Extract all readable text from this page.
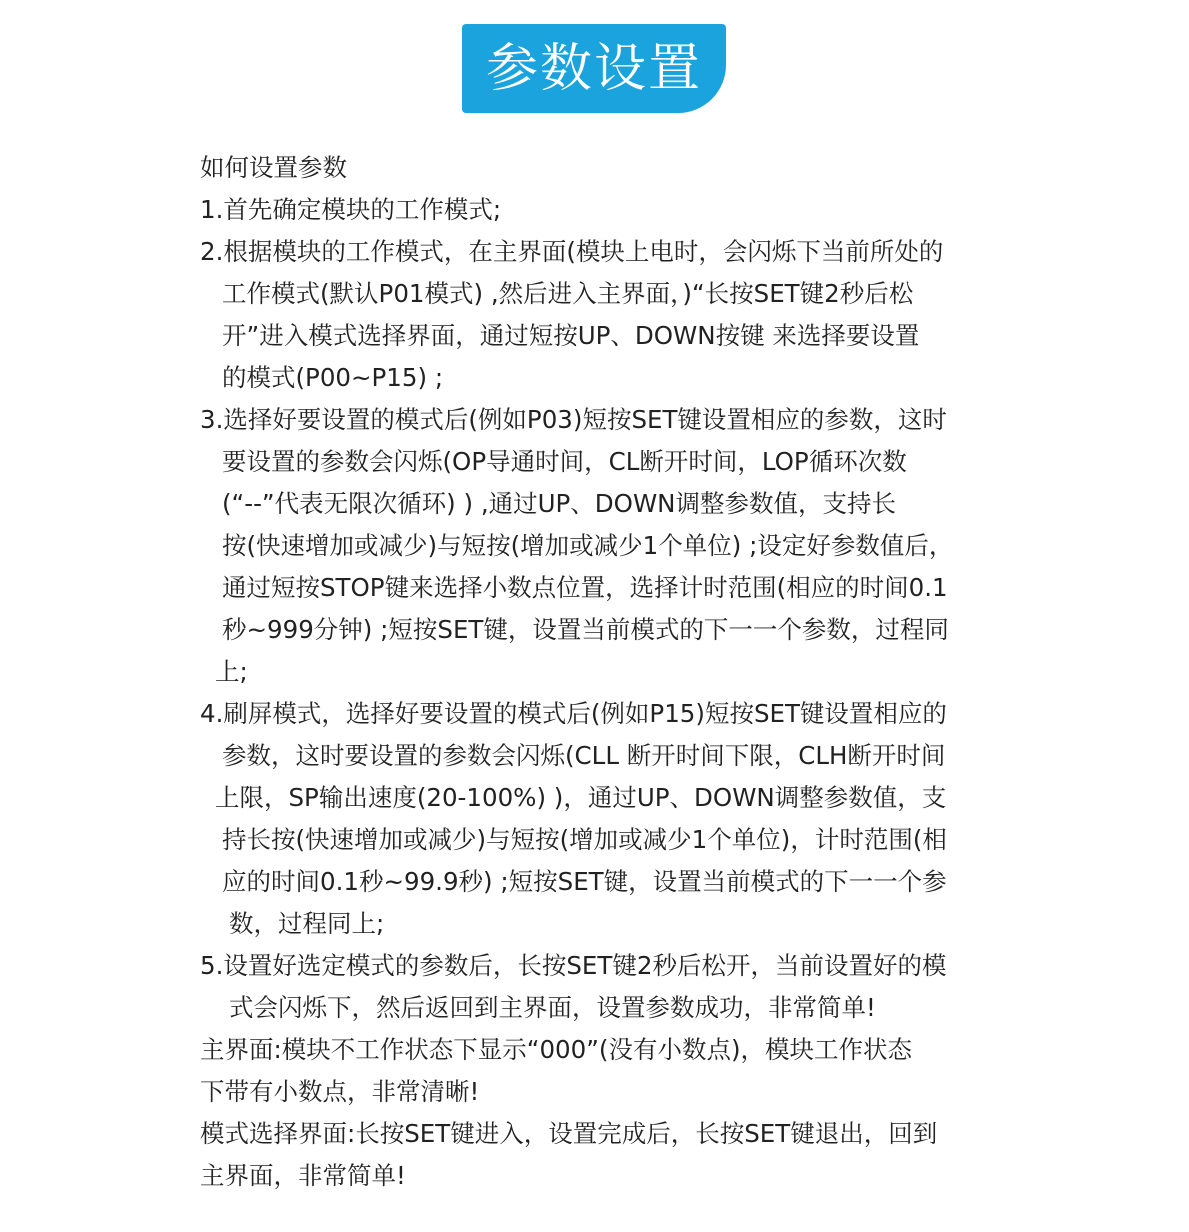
参数设置
如何设置参数
1.首先确定模块的工作模式;
2.根据模块的工作模式，在主界面(模块上电时，会闪烁下当前所处的
工作模式(默认P01模式) ,然后进入主界面，)“长按SET键2秒后松
开”进入模式选择界面，通过短按UP、DOWN按键 来选择要设置
的模式(P00~P15) ;
3.选择好要设置的模式后(例如P03)短按SET键设置相应的参数，这时
要设置的参数会闪烁(OP导通时间，CL断开时间，LOP循环次数
(“--”代表无限次循环) ) ,通过UP、DOWN调整参数值，支持长
按(快速增加或减少)与短按(增加或减少1个单位) ;设定好参数值后，
通过短按STOP键来选择小数点位置，选择计时范围(相应的时间0.1
秒~999分钟) ;短按SET键，设置当前模式的下一一个参数，过程同
上;
4.刷屏模式，选择好要设置的模式后(例如P15)短按SET键设置相应的
参数，这时要设置的参数会闪烁(CLL 断开时间下限，CLH断开时间
上限，SP输出速度(20-100%) )，通过UP、DOWN调整参数值，支
持长按(快速增加或减少)与短按(增加或减少1个单位)，计时范围(相
应的时间0.1秒~99.9秒) ;短按SET键，设置当前模式的下一一个参
数，过程同上;
5.设置好选定模式的参数后，长按SET键2秒后松开，当前设置好的模
式会闪烁下，然后返回到主界面，设置参数成功，非常简单!
主界面:模块不工作状态下显示“000”(没有小数点)，模块工作状态
下带有小数点，非常清晰!
模式选择界面:长按SET键进入，设置完成后，长按SET键退出，回到
主界面，非常简单!
